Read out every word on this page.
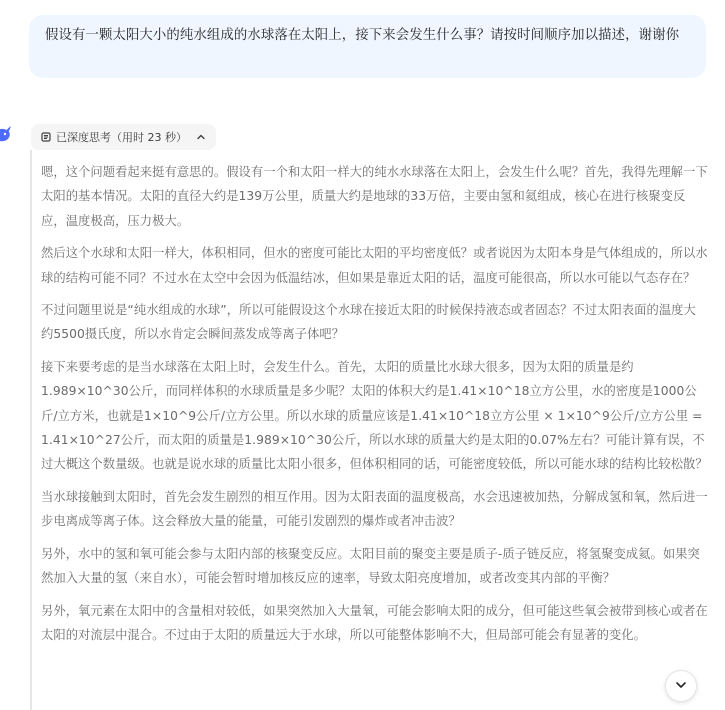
假设有一颗太阳大小的纯水组成的水球落在太阳上，接下来会发生什么事？请按时间顺序加以描述，谢谢你
已深度思考（用时 23 秒）

嗯，这个问题看起来挺有意思的。假设有一个和太阳一样大的纯水水球落在太阳上，会发生什么呢？首先，我得先理解一下太阳的基本情况。太阳的直径大约是139万公里，质量大约是地球的33万倍，主要由氢和氦组成，核心在进行核聚变反应，温度极高，压力极大。

然后这个水球和太阳一样大，体积相同，但水的密度可能比太阳的平均密度低？或者说因为太阳本身是气体组成的，所以水球的结构可能不同？不过水在太空中会因为低温结冰，但如果是靠近太阳的话，温度可能很高，所以水可能以气态存在？

不过问题里说是“纯水组成的水球”，所以可能假设这个水球在接近太阳的时候保持液态或者固态？不过太阳表面的温度大约5500摄氏度，所以水肯定会瞬间蒸发成等离子体吧？

接下来要考虑的是当水球落在太阳上时，会发生什么。首先，太阳的质量比水球大很多，因为太阳的质量是约1.989×10^30公斤，而同样体积的水球质量是多少呢？太阳的体积大约是1.41×10^18立方公里，水的密度是1000公斤/立方米，也就是1×10^9公斤/立方公里。所以水球的质量应该是1.41×10^18立方公里 × 1×10^9公斤/立方公里 = 1.41×10^27公斤，而太阳的质量是1.989×10^30公斤，所以水球的质量大约是太阳的0.07%左右？可能计算有误，不过大概这个数量级。也就是说水球的质量比太阳小很多，但体积相同的话，可能密度较低，所以可能水球的结构比较松散？

当水球接触到太阳时，首先会发生剧烈的相互作用。因为太阳表面的温度极高，水会迅速被加热，分解成氢和氧，然后进一步电离成等离子体。这会释放大量的能量，可能引发剧烈的爆炸或者冲击波？

另外，水中的氢和氧可能会参与太阳内部的核聚变反应。太阳目前的聚变主要是质子-质子链反应，将氢聚变成氦。如果突然加入大量的氢（来自水），可能会暂时增加核反应的速率，导致太阳亮度增加，或者改变其内部的平衡？

另外，氧元素在太阳中的含量相对较低，如果突然加入大量氧，可能会影响太阳的成分，但可能这些氧会被带到核心或者在太阳的对流层中混合。不过由于太阳的质量远大于水球，所以可能整体影响不大，但局部可能会有显著的变化。
